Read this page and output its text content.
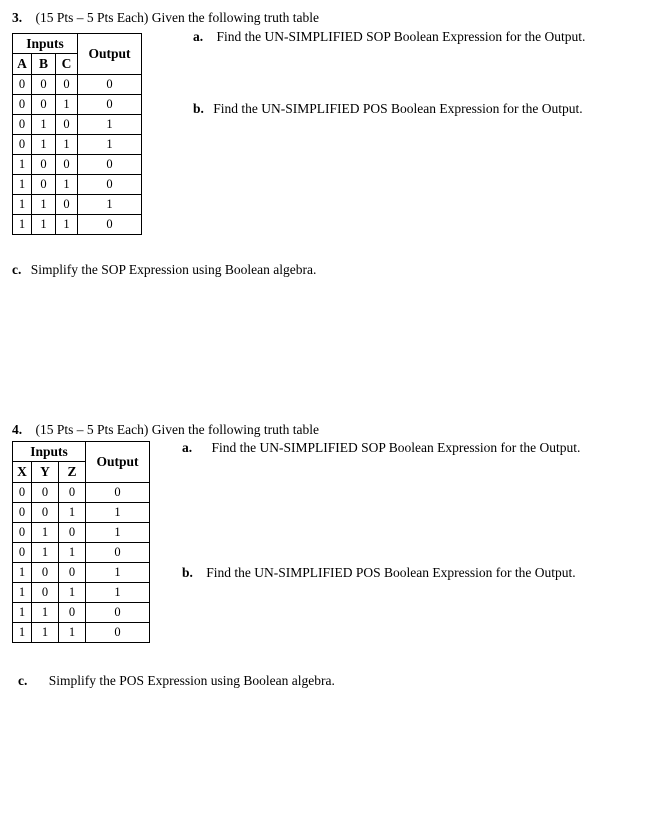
3. (15 Pts – 5 Pts Each) Given the following truth table
Inputs			Output
A	B	C	
0	0	0	0
0	0	1	0
0	1	0	1
0	1	1	1
1	0	0	0
1	0	1	0
1	1	0	1
1	1	1	0
a. Find the UN-SIMPLIFIED SOP Boolean Expression for the Output.
b. Find the UN-SIMPLIFIED POS Boolean Expression for the Output.
c. Simplify the SOP Expression using Boolean algebra.
4. (15 Pts – 5 Pts Each) Given the following truth table
Inputs			Output
X	Y	Z	
0	0	0	0
0	0	1	1
0	1	0	1
0	1	1	0
1	0	0	1
1	0	1	1
1	1	0	0
1	1	1	0
a. Find the UN-SIMPLIFIED SOP Boolean Expression for the Output.
b. Find the UN-SIMPLIFIED POS Boolean Expression for the Output.
c. Simplify the POS Expression using Boolean algebra.
